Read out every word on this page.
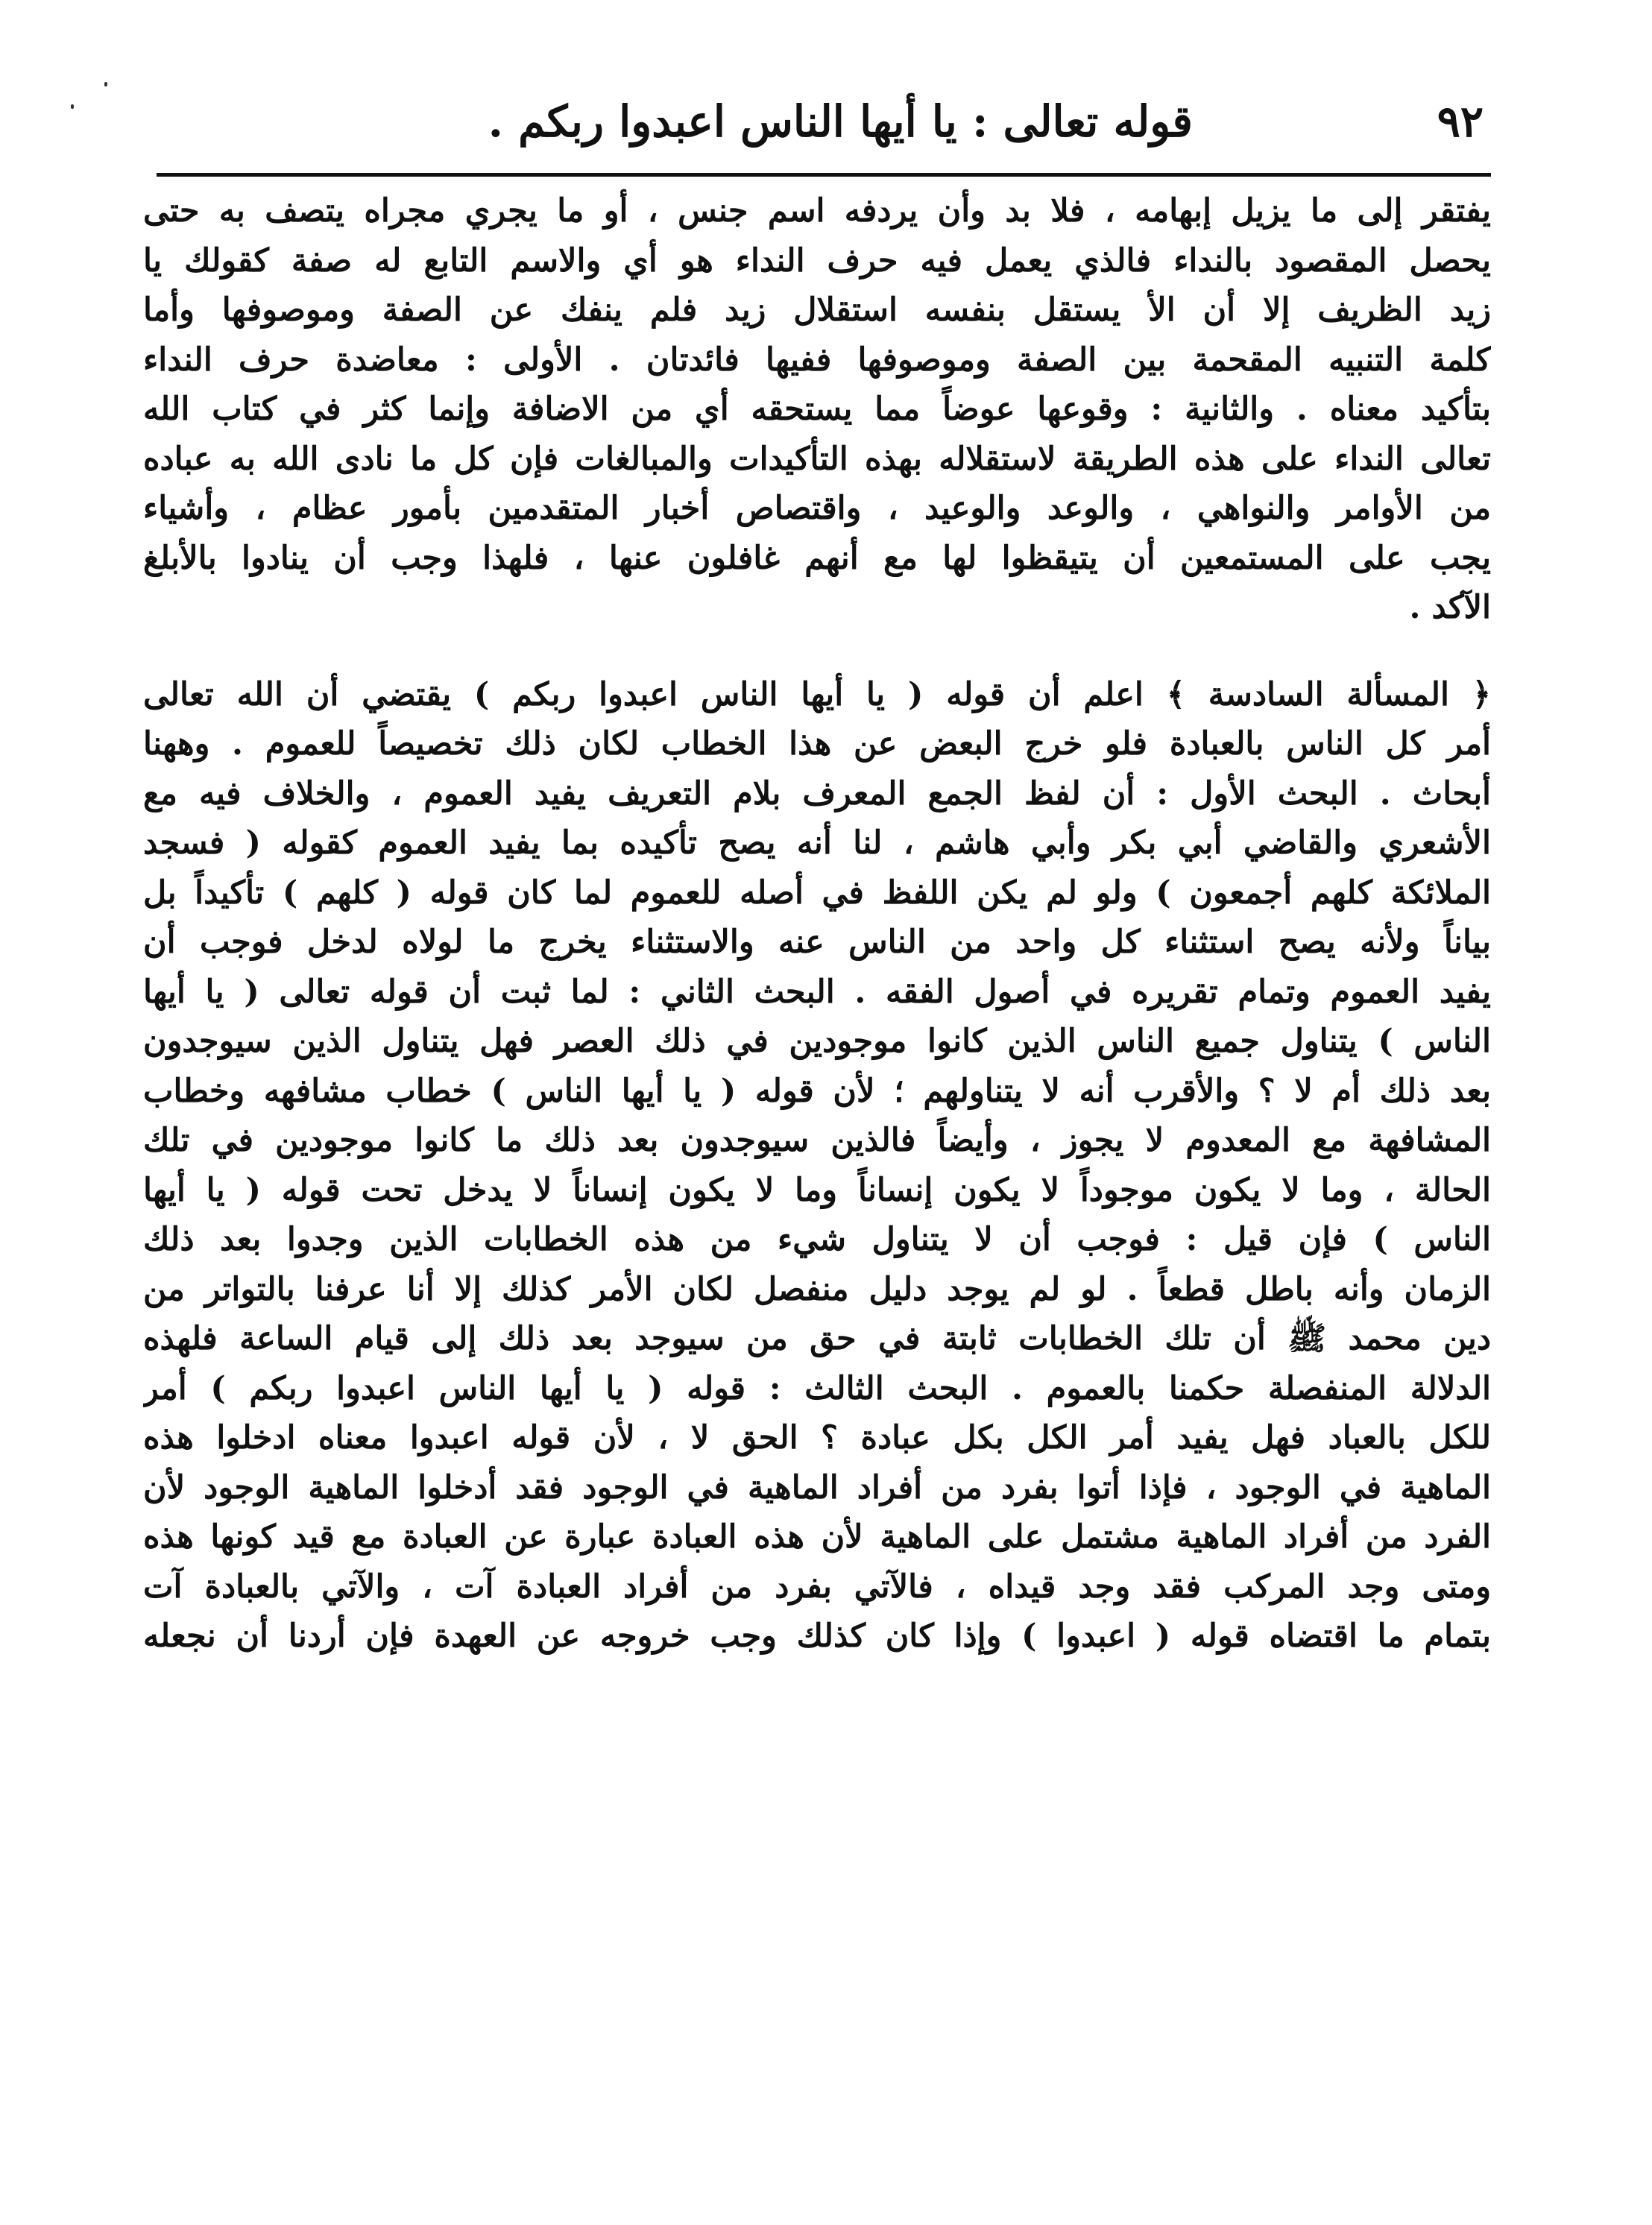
٩٢
قوله تعالى : يا أيها الناس اعبدوا ربكم .
يفتقر إلى ما يزيل إبهامه ، فلا بد وأن يردفه اسم جنس ، أو ما يجري مجراه يتصف به حتى
يحصل المقصود بالنداء فالذي يعمل فيه حرف النداء هو أي والاسم التابع له صفة كقولك يا
زيد الظريف إلا أن الأ يستقل بنفسه استقلال زيد فلم ينفك عن الصفة وموصوفها وأما
كلمة التنبيه المقحمة بين الصفة وموصوفها ففيها فائدتان . الأولى : معاضدة حرف النداء
بتأكيد معناه . والثانية : وقوعها عوضاً مما يستحقه أي من الاضافة وإنما كثر في كتاب الله
تعالى النداء على هذه الطريقة لاستقلاله بهذه التأكيدات والمبالغات فإن كل ما نادى الله به عباده
من الأوامر والنواهي ، والوعد والوعيد ، واقتصاص أخبار المتقدمين بأمور عظام ، وأشياء
يجب على المستمعين أن يتيقظوا لها مع أنهم غافلون عنها ، فلهذا وجب أن ينادوا بالأبلغ
الآكد .
﴿ المسألة السادسة ﴾ اعلم أن قوله ( يا أيها الناس اعبدوا ربكم ) يقتضي أن الله تعالى
أمر كل الناس بالعبادة فلو خرج البعض عن هذا الخطاب لكان ذلك تخصيصاً للعموم . وههنا
أبحاث . البحث الأول : أن لفظ الجمع المعرف بلام التعريف يفيد العموم ، والخلاف فيه مع
الأشعري والقاضي أبي بكر وأبي هاشم ، لنا أنه يصح تأكيده بما يفيد العموم كقوله ( فسجد
الملائكة كلهم أجمعون ) ولو لم يكن اللفظ في أصله للعموم لما كان قوله ( كلهم ) تأكيداً بل
بياناً ولأنه يصح استثناء كل واحد من الناس عنه والاستثناء يخرج ما لولاه لدخل فوجب أن
يفيد العموم وتمام تقريره في أصول الفقه . البحث الثاني : لما ثبت أن قوله تعالى ( يا أيها
الناس ) يتناول جميع الناس الذين كانوا موجودين في ذلك العصر فهل يتناول الذين سيوجدون
بعد ذلك أم لا ؟ والأقرب أنه لا يتناولهم ؛ لأن قوله ( يا أيها الناس ) خطاب مشافهه وخطاب
المشافهة مع المعدوم لا يجوز ، وأيضاً فالذين سيوجدون بعد ذلك ما كانوا موجودين في تلك
الحالة ، وما لا يكون موجوداً لا يكون إنساناً وما لا يكون إنساناً لا يدخل تحت قوله ( يا أيها
الناس ) فإن قيل : فوجب أن لا يتناول شيء من هذه الخطابات الذين وجدوا بعد ذلك
الزمان وأنه باطل قطعاً . لو لم يوجد دليل منفصل لكان الأمر كذلك إلا أنا عرفنا بالتواتر من
دين محمد ﷺ أن تلك الخطابات ثابتة في حق من سيوجد بعد ذلك إلى قيام الساعة فلهذه
الدلالة المنفصلة حكمنا بالعموم . البحث الثالث : قوله ( يا أيها الناس اعبدوا ربكم ) أمر
للكل بالعباد فهل يفيد أمر الكل بكل عبادة ؟ الحق لا ، لأن قوله اعبدوا معناه ادخلوا هذه
الماهية في الوجود ، فإذا أتوا بفرد من أفراد الماهية في الوجود فقد أدخلوا الماهية الوجود لأن
الفرد من أفراد الماهية مشتمل على الماهية لأن هذه العبادة عبارة عن العبادة مع قيد كونها هذه
ومتى وجد المركب فقد وجد قيداه ، فالآتي بفرد من أفراد العبادة آت ، والآتي بالعبادة آت
بتمام ما اقتضاه قوله ( اعبدوا ) وإذا كان كذلك وجب خروجه عن العهدة فإن أردنا أن نجعله
